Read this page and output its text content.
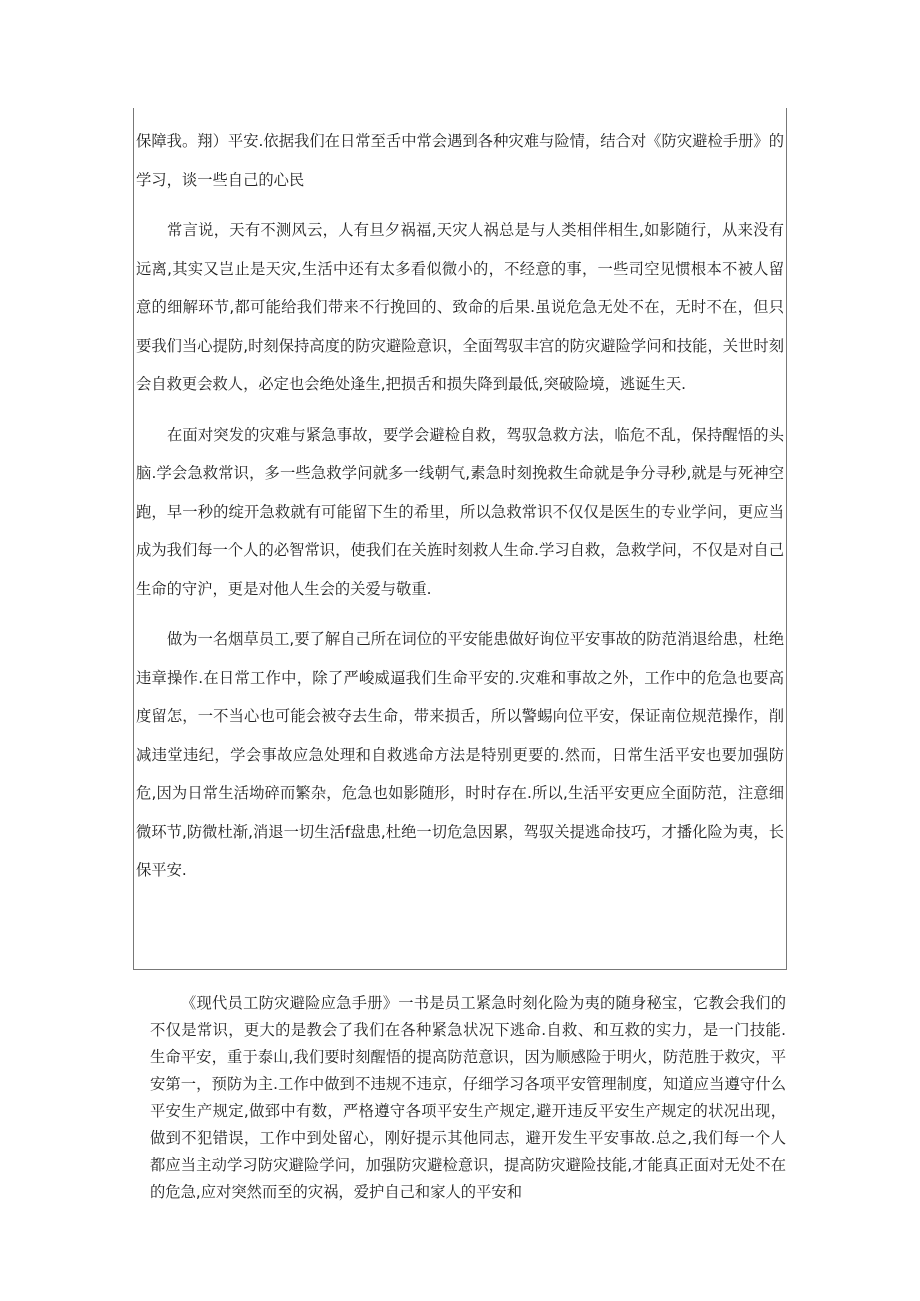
保障我。翔）平安.依据我们在日常至舌中常会遇到各种灾难与险情，结合对《防灾避检手册》的学习，谈一些自己的心民

常言说，天有不测风云，人有旦夕祸福,天灾人祸总是与人类相伴相生,如影随行，从来没有远离,其实又岂止是天灾,生活中还有太多看似微小的，不经意的事，一些司空见惯根本不被人留意的细解环节,都可能给我们带来不行挽回的、致命的后果.虽说危急无处不在，无时不在，但只要我们当心提防,时刻保持高度的防灾避险意识，全面驾驭丰宫的防灾避险学问和技能，关世时刻会自救更会救人，必定也会绝处逢生,把损舌和损失降到最低,突破险境，逃诞生天.

在面对突发的灾难与紧急事故，要学会避检自救，驾驭急救方法，临危不乱，保持醒悟的头脑.学会急救常识，多一些急救学问就多一线朝气,素急时刻挽救生命就是争分寻秒,就是与死神空跑，早一秒的绽开急救就有可能留下生的希里，所以急救常识不仅仅是医生的专业学问，更应当成为我们每一个人的必智常识，使我们在关旌时刻救人生命.学习自救，急救学问，不仅是对自己生命的守沪，更是对他人生会的关爱与敬重.

做为一名烟草员工,要了解自己所在词位的平安能患做好询位平安事故的防范消退给患，杜绝违章操作.在日常工作中，除了严峻威逼我们生命平安的.灾难和事故之外，工作中的危急也要高度留怎，一不当心也可能会被夺去生命，带来损舌，所以警蜴向位平安，保证南位规范操作，削减违堂违纪，学会事故应急处理和自救逃命方法是特别更要的.然而，日常生活平安也要加强防危,因为日常生活坳碎而繁杂，危急也如影随形，时时存在.所以,生活平安更应全面防范，注意细微环节,防微杜渐,消退一切生活f盘患,杜绝一切危急因累，驾驭关提逃命技巧，才播化险为夷，长保平安.

《现代员工防灾避险应急手册》一书是员工紧急时刻化险为夷的随身秘宝，它教会我们的不仅是常识，更大的是教会了我们在各种紧急状况下逃命.自救、和互救的实力，是一门技能.生命平安，重于泰山,我们要时刻醒悟的提高防范意识，因为顺感险于明火，防范胜于救灾，平安第一，预防为主.工作中做到不违规不违京，仔细学习各项平安管理制度，知道应当遵守什么平安生产规定,做郅中有数，严格遵守各项平安生产规定,避开违反平安生产规定的状况出现，做到不犯错误，工作中到处留心，刚好提示其他同志，避开发生平安事故.总之,我们每一个人都应当主动学习防灾避险学问，加强防灾避检意识，提高防灾避险技能,才能真正面对无处不在的危急,应对突然而至的灾祸，爱护自己和家人的平安和
